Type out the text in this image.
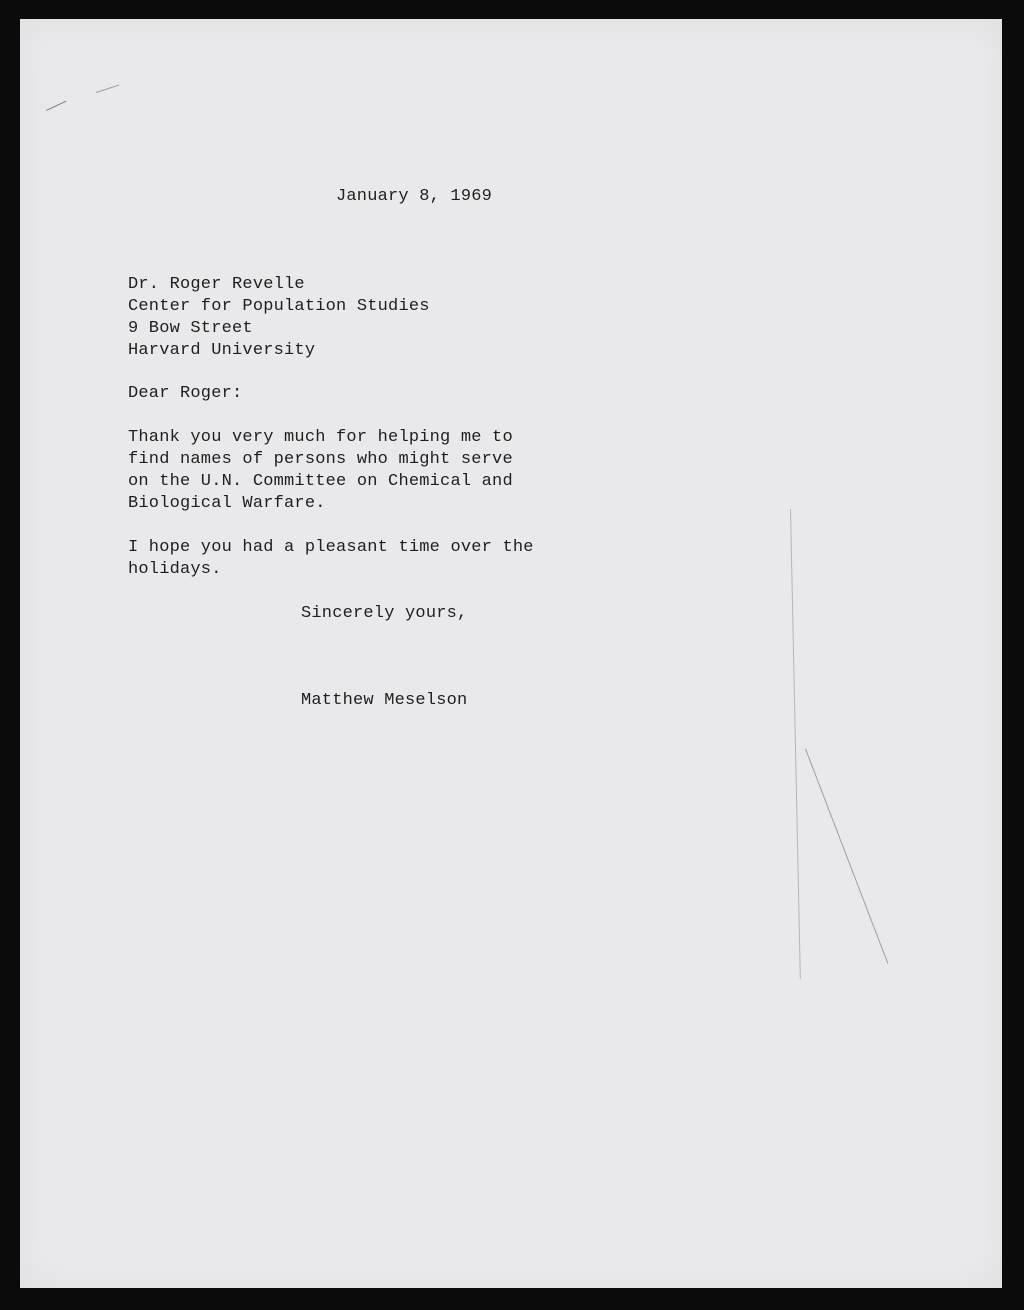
January 8, 1969

Dr. Roger Revelle
Center for Population Studies
9 Bow Street
Harvard University

Dear Roger:

Thank you very much for helping me to
find names of persons who might serve
on the U.N. Committee on Chemical and
Biological Warfare.
I hope you had a pleasant time over the
holidays.

Sincerely yours,

Matthew Meselson
